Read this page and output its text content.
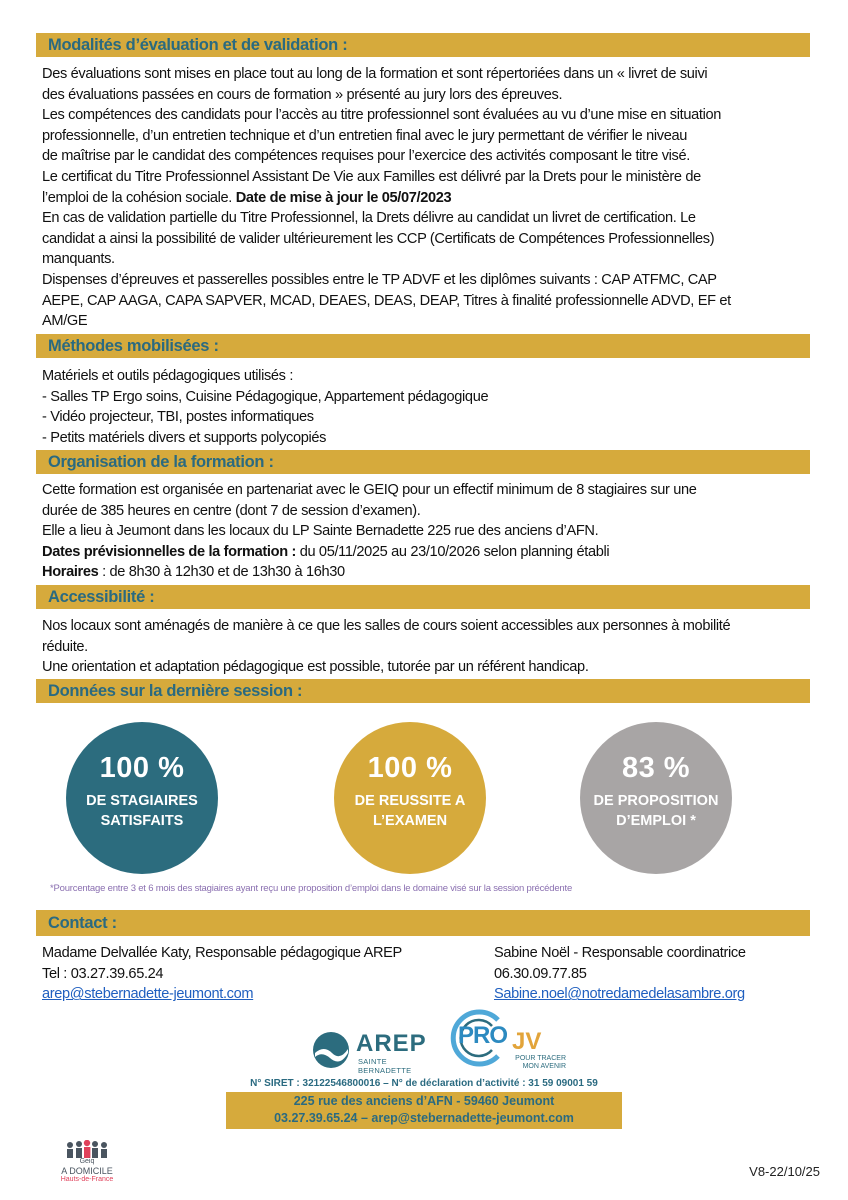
Modalités d’évaluation et de validation :

Des évaluations sont mises en place tout au long de la formation et sont répertoriées dans un « livret de suivi

des évaluations passées en cours de formation » présenté au jury lors des épreuves.

Les compétences des candidats pour l’accès au titre professionnel sont évaluées au vu d’une mise en situation

professionnelle, d’un entretien technique et d’un entretien final avec le jury permettant de vérifier le niveau

de maîtrise par le candidat des compétences requises pour l’exercice des activités composant le titre visé.

Le certificat du Titre Professionnel Assistant De Vie aux Familles est délivré par la Drets pour le ministère de

l’emploi de la cohésion sociale. Date de mise à jour le 05/07/2023

En cas de validation partielle du Titre Professionnel, la Drets délivre au candidat un livret de certification. Le

candidat a ainsi la possibilité de valider ultérieurement les CCP (Certificats de Compétences Professionnelles)

manquants.

Dispenses d’épreuves et passerelles possibles entre le TP ADVF et les diplômes suivants : CAP ATFMC, CAP

AEPE, CAP AAGA, CAPA SAPVER, MCAD, DEAES, DEAS, DEAP, Titres à finalité professionnelle ADVD, EF et

AM/GE

Méthodes mobilisées :

Matériels et outils pédagogiques utilisés :

- Salles TP Ergo soins, Cuisine Pédagogique, Appartement pédagogique

- Vidéo projecteur, TBI, postes informatiques

- Petits matériels divers et supports polycopiés

Organisation de la formation :

Cette formation est organisée en partenariat avec le GEIQ pour un effectif minimum de 8 stagiaires sur une

durée de 385 heures en centre (dont 7 de session d’examen).

Elle a lieu à Jeumont dans les locaux du LP Sainte Bernadette 225 rue des anciens d’AFN.

Dates prévisionnelles de la formation : du 05/11/2025 au 23/10/2026 selon planning établi

Horaires : de 8h30 à 12h30 et de 13h30 à 16h30

Accessibilité :

Nos locaux sont aménagés de manière à ce que les salles de cours soient accessibles aux personnes à mobilité

réduite.

Une orientation et adaptation pédagogique est possible, tutorée par un référent handicap.

Données sur la dernière session :
100 %
DE STAGIAIRES
SATISFAITS
100 %
DE REUSSITE A
L’EXAMEN
83 %
DE PROPOSITION
D’EMPLOI *
*Pourcentage entre 3 et 6 mois des stagiaires ayant reçu une proposition d’emploi dans le domaine visé sur la session précédente
Contact :
Madame Delvallée Katy, Responsable pédagogique AREP
Tel : 03.27.39.65.24
arep@stebernadette-jeumont.com
Sabine Noël - Responsable coordinatrice
06.30.09.77.85
Sabine.noel@notredamedelasambre.org
AREP
SAINTE BERNADETTE
PRO JV
POUR TRACER
MON AVENIR
N° SIRET : 32122546800016 – N° de déclaration d’activité : 31 59 09001 59
225 rue des anciens d’AFN - 59460 Jeumont
03.27.39.65.24 – arep@stebernadette-jeumont.com
Geiq
A DOMICILE
Hauts-de-France
V8-22/10/25
